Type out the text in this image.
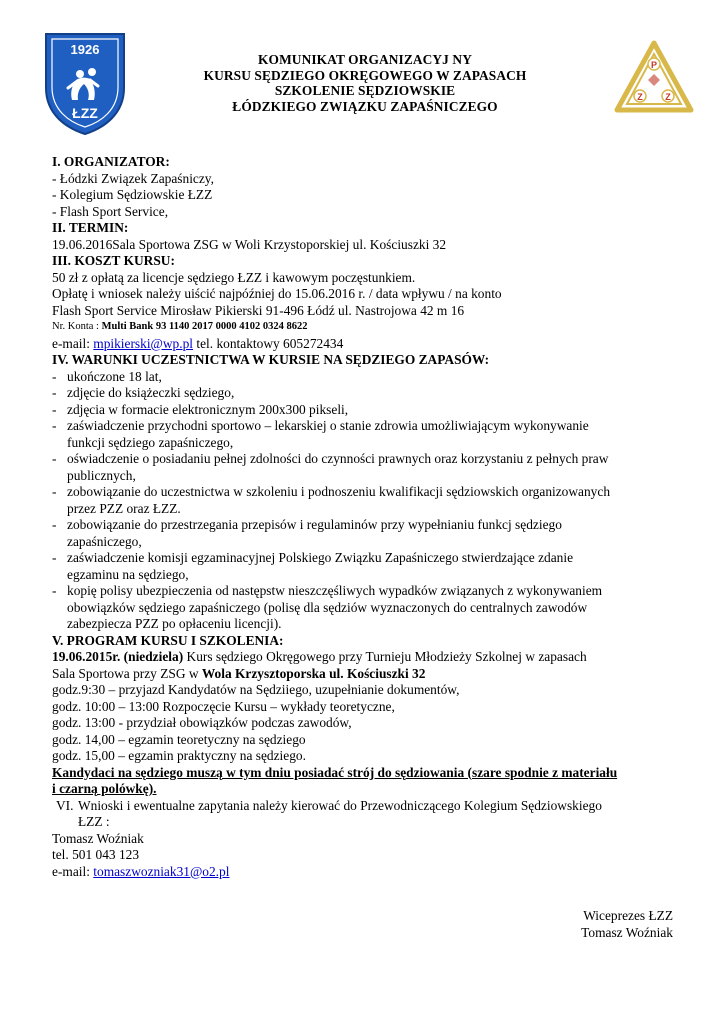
1926
ŁZZ
P
Z	Z
KOMUNIKAT ORGANIZACYJ NY
KURSU SĘDZIEGO OKRĘGOWEGO W ZAPASACH
SZKOLENIE SĘDZIOWSKIE
ŁÓDZKIEGO ZWIĄZKU ZAPAŚNICZEGO
I. ORGANIZATOR:
- Łódzki Związek Zapaśniczy,
- Kolegium Sędziowskie ŁZZ
- Flash Sport Service,
II. TERMIN:
19.06.2016Sala Sportowa ZSG w Woli Krzystoporskiej ul. Kościuszki 32
III. KOSZT KURSU:
50 zł z opłatą za licencje sędziego ŁZZ i kawowym poczęstunkiem.
Opłatę i wniosek należy uiścić najpóźniej do 15.06.2016 r. / data wpływu / na konto
Flash Sport Service Mirosław Pikierski 91-496 Łódź ul. Nastrojowa 42 m 16
Nr. Konta : Multi Bank 93 1140 2017 0000 4102 0324 8622
e-mail: mpikierski@wp.pl tel. kontaktowy 605272434
IV. WARUNKI UCZESTNICTWA W KURSIE NA SĘDZIEGO ZAPASÓW:
- ukończone 18 lat,
- zdjęcie do książeczki sędziego,
- zdjęcia w formacie elektronicznym 200x300 pikseli,
- zaświadczenie przychodni sportowo – lekarskiej o stanie zdrowia umożliwiającym wykonywanie
funkcji sędziego zapaśniczego,
- oświadczenie o posiadaniu pełnej zdolności do czynności prawnych oraz korzystaniu z pełnych praw
publicznych,
- zobowiązanie do uczestnictwa w szkoleniu i podnoszeniu kwalifikacji sędziowskich organizowanych
przez PZZ oraz ŁZZ.
- zobowiązanie do przestrzegania przepisów i regulaminów przy wypełnianiu funkcj sędziego
zapaśniczego,
- zaświadczenie komisji egzaminacyjnej Polskiego Związku Zapaśniczego stwierdzające zdanie
egzaminu na sędziego,
- kopię polisy ubezpieczenia od następstw nieszczęśliwych wypadków związanych z wykonywaniem
obowiązków sędziego zapaśniczego (polisę dla sędziów wyznaczonych do centralnych zawodów
zabezpiecza PZZ po opłaceniu licencji).
V. PROGRAM KURSU I SZKOLENIA:
19.06.2015r. (niedziela) Kurs sędziego Okręgowego przy Turnieju Młodzieży Szkolnej w zapasach
Sala Sportowa przy ZSG w Wola Krzysztoporska ul. Kościuszki 32
godz.9:30 – przyjazd Kandydatów na Sędziiego, uzupełnianie dokumentów,
godz. 10:00 – 13:00 Rozpoczęcie Kursu – wykłady teoretyczne,
godz. 13:00 - przydział obowiązków podczas zawodów,
godz. 14,00 – egzamin teoretyczny na sędziego
godz. 15,00 – egzamin praktyczny na sędziego.
Kandydaci na sędziego muszą w tym dniu posiadać strój do sędziowania (szare spodnie z materiału
i czarną polówkę).
VI. Wnioski i ewentualne zapytania należy kierować do Przewodniczącego Kolegium Sędziowskiego
ŁZZ :
Tomasz Woźniak
tel. 501 043 123
e-mail: tomaszwozniak31@o2.pl
Wiceprezes ŁZZ
Tomasz Woźniak
